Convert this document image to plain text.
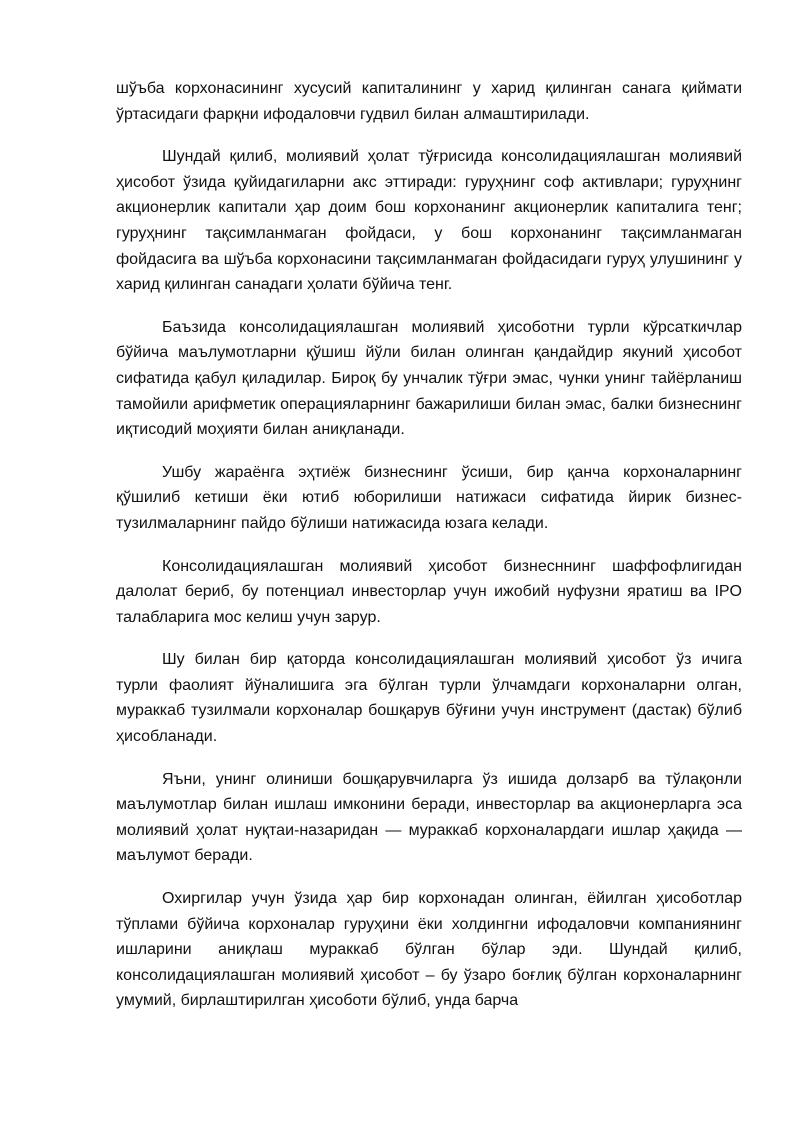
шўъба корхонасининг хусусий капиталининг у харид қилинган санага қиймати ўртасидаги фарқни ифодаловчи гудвил билан алмаштирилади.

Шундай қилиб, молиявий ҳолат тўғрисида консолидациялашган молиявий ҳисобот ўзида қуйидагиларни акс эттиради: гуруҳнинг соф активлари; гуруҳнинг акционерлик капитали ҳар доим бош корхонанинг акционерлик капиталига тенг; гуруҳнинг тақсимланмаган фойдаси, у бош корхонанинг тақсимланмаган фойдасига ва шўъба корхонасини тақсимланмаган фойдасидаги гуруҳ улушининг у харид қилинган санадаги ҳолати бўйича тенг.

Баъзида консолидациялашган молиявий ҳисоботни турли кўрсаткичлар бўйича маълумотларни қўшиш йўли билан олинган қандайдир якуний ҳисобот сифатида қабул қиладилар. Бироқ бу унчалик тўғри эмас, чунки унинг тайёрланиш тамойили арифметик операцияларнинг бажарилиши билан эмас, балки бизнеснинг иқтисодий моҳияти билан аниқланади.

Ушбу жараёнга эҳтиёж бизнеснинг ўсиши, бир қанча корхоналарнинг қўшилиб кетиши ёки ютиб юборилиши натижаси сифатида йирик бизнес-тузилмаларнинг пайдо бўлиши натижасида юзага келади.

Консолидациялашган молиявий ҳисобот бизнесннинг шаффофлигидан далолат бериб, бу потенциал инвесторлар учун ижобий нуфузни яратиш ва IPO талабларига мос келиш учун зарур.

Шу билан бир қаторда консолидациялашган молиявий ҳисобот ўз ичига турли фаолият йўналишига эга бўлган турли ўлчамдаги корхоналарни олган, мураккаб тузилмали корхоналар бошқарув бўғини учун инструмент (дастак) бўлиб ҳисобланади.

Яъни, унинг олиниши бошқарувчиларга ўз ишида долзарб ва тўлақонли маълумотлар билан ишлаш имконини беради, инвесторлар ва акционерларга эса молиявий ҳолат нуқтаи-назаридан — мураккаб корхоналардаги ишлар ҳақида —маълумот беради.

Охиргилар учун ўзида ҳар бир корхонадан олинган, ёйилган ҳисоботлар тўплами бўйича корхоналар гуруҳини ёки холдингни ифодаловчи компаниянинг ишларини аниқлаш мураккаб бўлган бўлар эди. Шундай қилиб, консолидациялашган молиявий ҳисобот – бу ўзаро боғлиқ бўлган корхоналарнинг умумий, бирлаштирилган ҳисоботи бўлиб, унда барча
